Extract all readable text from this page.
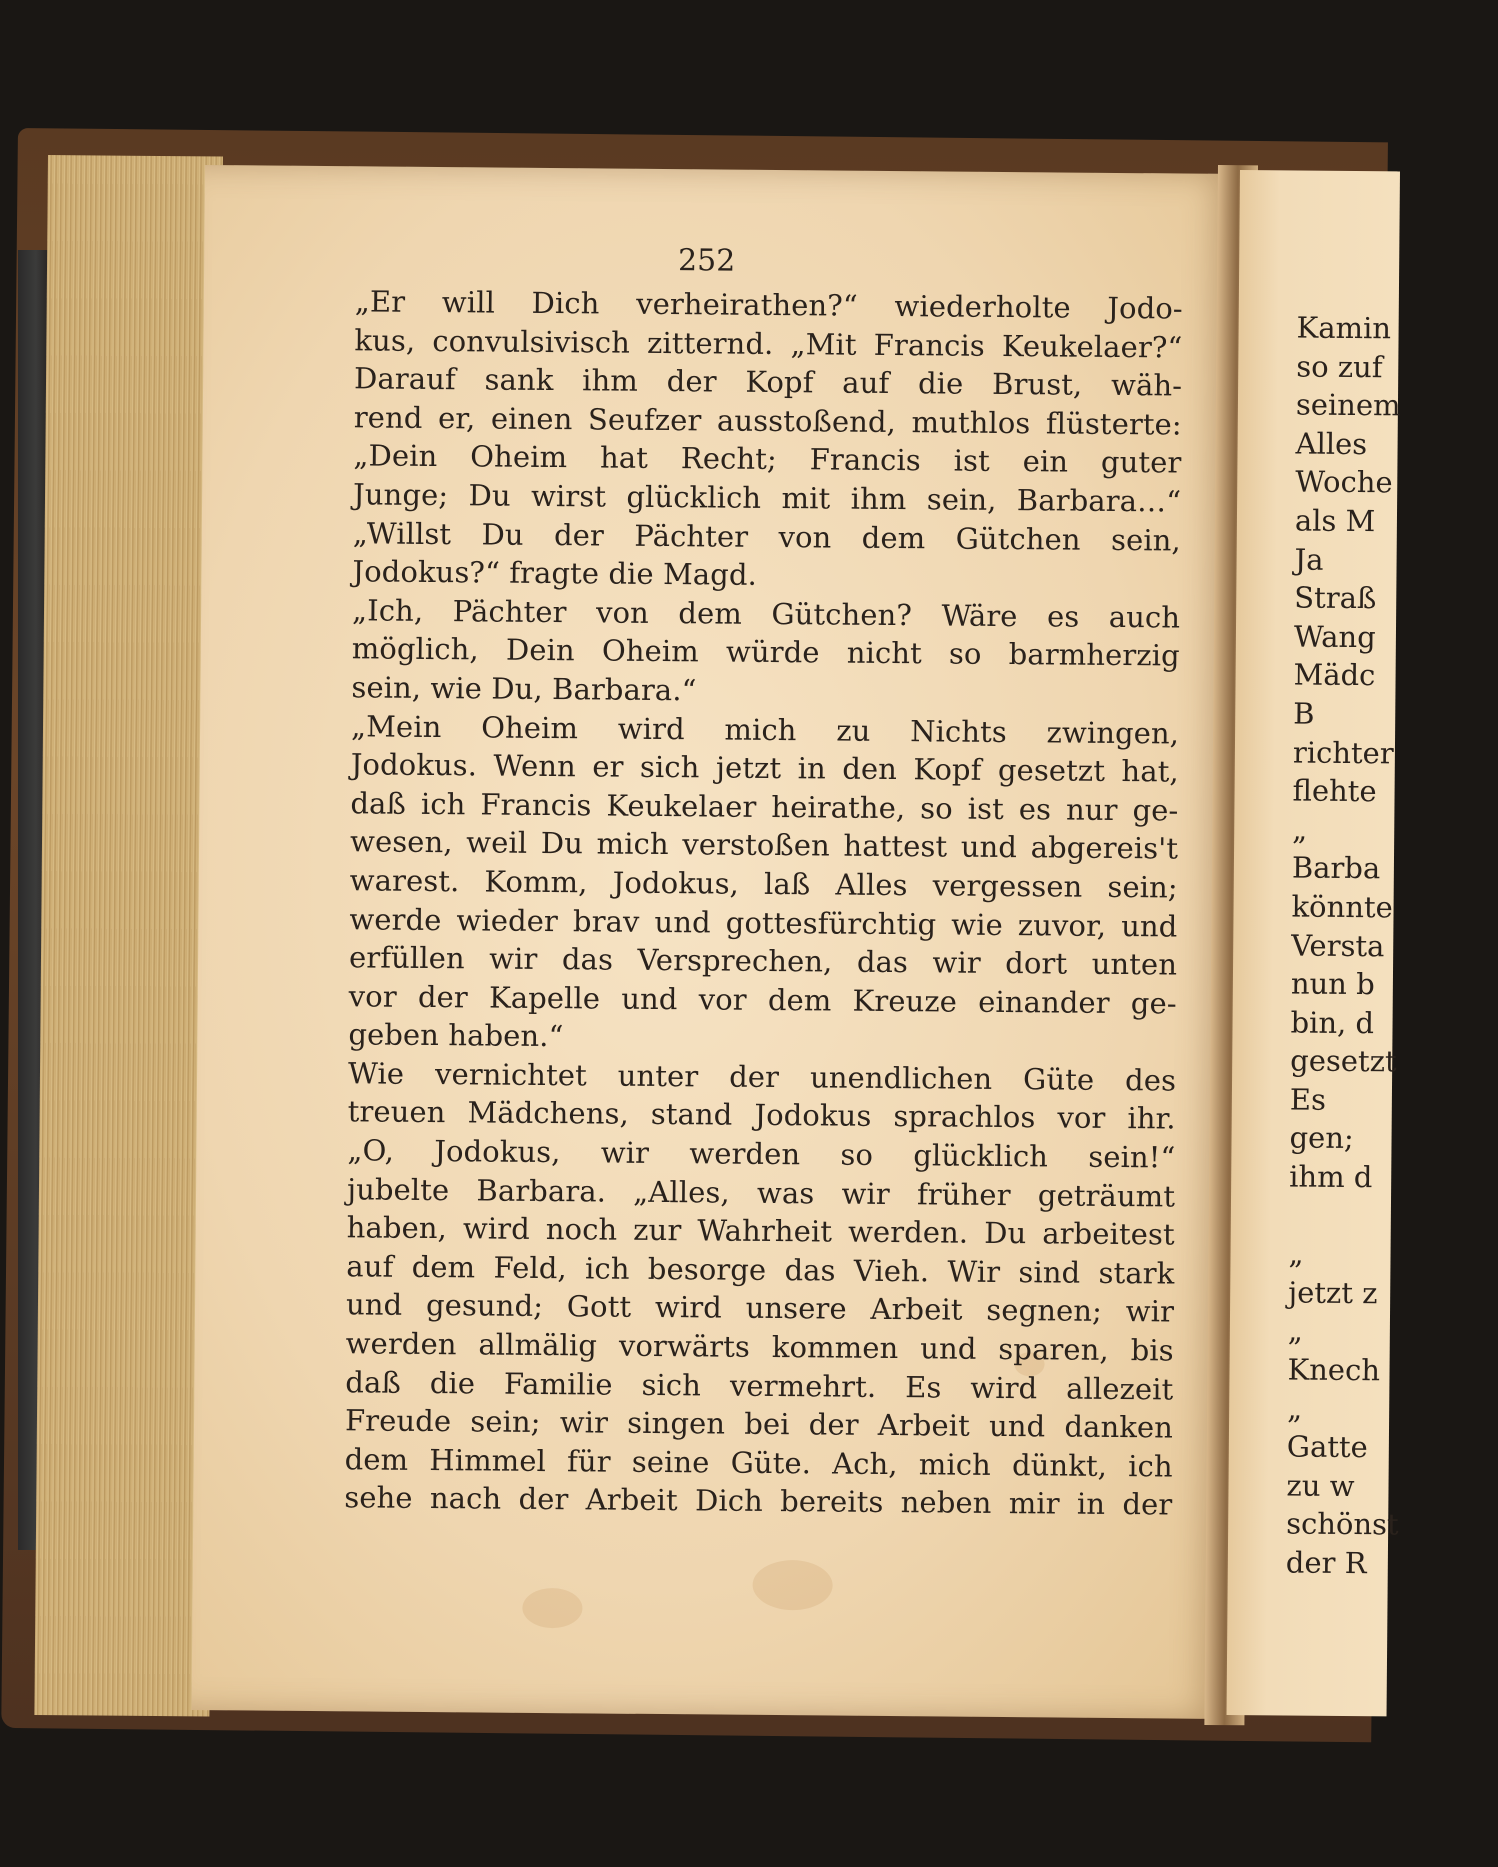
252

„Er will Dich verheirathen?“ wiederholte Jodo-
kus, convulsivisch zitternd. „Mit Francis Keukelaer?“
Darauf sank ihm der Kopf auf die Brust, wäh-
rend er, einen Seufzer ausstoßend, muthlos flüsterte:
„Dein Oheim hat Recht; Francis ist ein guter
Junge; Du wirst glücklich mit ihm sein, Barbara…“
„Willst Du der Pächter von dem Gütchen sein,
Jodokus?“ fragte die Magd.
„Ich, Pächter von dem Gütchen? Wäre es auch
möglich, Dein Oheim würde nicht so barmherzig
sein, wie Du, Barbara.“
„Mein Oheim wird mich zu Nichts zwingen,
Jodokus. Wenn er sich jetzt in den Kopf gesetzt hat,
daß ich Francis Keukelaer heirathe, so ist es nur ge-
wesen, weil Du mich verstoßen hattest und abgereis't
warest. Komm, Jodokus, laß Alles vergessen sein;
werde wieder brav und gottesfürchtig wie zuvor, und
erfüllen wir das Versprechen, das wir dort unten
vor der Kapelle und vor dem Kreuze einander ge-
geben haben.“
Wie vernichtet unter der unendlichen Güte des
treuen Mädchens, stand Jodokus sprachlos vor ihr.
„O, Jodokus, wir werden so glücklich sein!“
jubelte Barbara. „Alles, was wir früher geträumt
haben, wird noch zur Wahrheit werden. Du arbeitest
auf dem Feld, ich besorge das Vieh. Wir sind stark
und gesund; Gott wird unsere Arbeit segnen; wir
werden allmälig vorwärts kommen und sparen, bis
daß die Familie sich vermehrt. Es wird allezeit
Freude sein; wir singen bei der Arbeit und danken
dem Himmel für seine Güte. Ach, mich dünkt, ich
sehe nach der Arbeit Dich bereits neben mir in der
Kamin
so zuf
seinem
Alles
Woche
als M
Ja
Straß
Wang
Mädc
B
richter
flehte
„
Barba
könnte
Versta
nun b
bin, d
gesetzt
Es
gen;
ihm d
„
jetzt z
„
Knech
„
Gatte
zu w
schönst
der R
